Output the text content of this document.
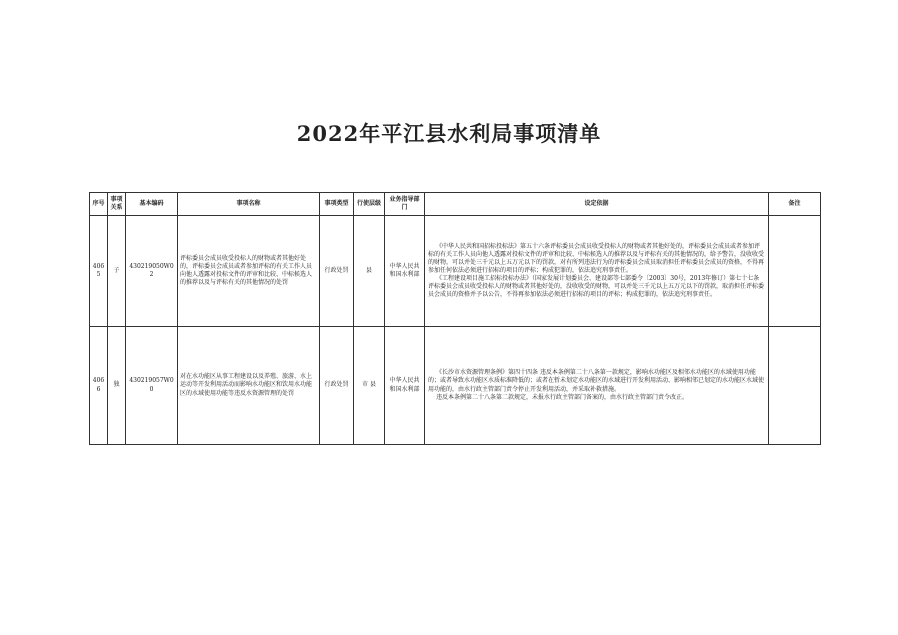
2022年平江县水利局事项清单
序号	事项关系	基本编码	事项名称	事项类型	行使层级	业务指导部门	设定依据	备注
4065	子	430219050W02	评标委员会成员收受投标人的财物或者其他好处的，评标委员会成员或者参加评标的有关工作人员向他人透露对投标文件的评审和比较、中标候选人的推荐以及与评标有关的其他情况的处罚	行政处罚	县	中华人民共和国水利部	《中华人民共和国招标投标法》第五十六条评标委员会成员收受投标人的财物或者其他好处的，评标委员会成员或者参加评标的有关工作人员向他人透露对投标文件的评审和比较、中标候选人的推荐以及与评标有关的其他情况的，给予警告，没收收受的财物，可以并处三千元以上五万元以下的罚款，对有所列违法行为的评标委员会成员取消担任评标委员会成员的资格，不得再参加任何依法必须进行招标的项目的评标；构成犯罪的，依法追究刑事责任。

《工程建设项目施工招标投标办法》（国家发展计划委员会、建设部等七部委令〔2003〕30号，2013年修订）第七十七条 评标委员会成员收受投标人的财物或者其他好处的，没收收受的财物，可以并处三千元以上五万元以下的罚款，取消担任评标委员会成员的资格并予以公告，不得再参加依法必须进行招标的项目的评标；构成犯罪的，依法追究刑事责任。	

4066	独	430219057W00	对在水功能区从事工程建设以及养殖、旅游、水上运动等开发利用活动而影响水功能区和饮用水功能区的水域使用功能等违反水资源管理的处罚	行政处罚	市 县	中华人民共和国水利部	《长沙市水资源管理条例》第四十四条 违反本条例第二十八条第一款规定，影响水功能区及相邻水功能区的水域使用功能的；或者导致水功能区水质标准降低的；或者在暂未划定水功能区的水域进行开发利用活动、影响相邻已划定的水功能区水域使用功能的，由水行政主管部门责令停止开发利用活动，并采取补救措施。

违反本条例第二十八条第二款规定，未报水行政主管部门备案的，由水行政主管部门责令改正。	
